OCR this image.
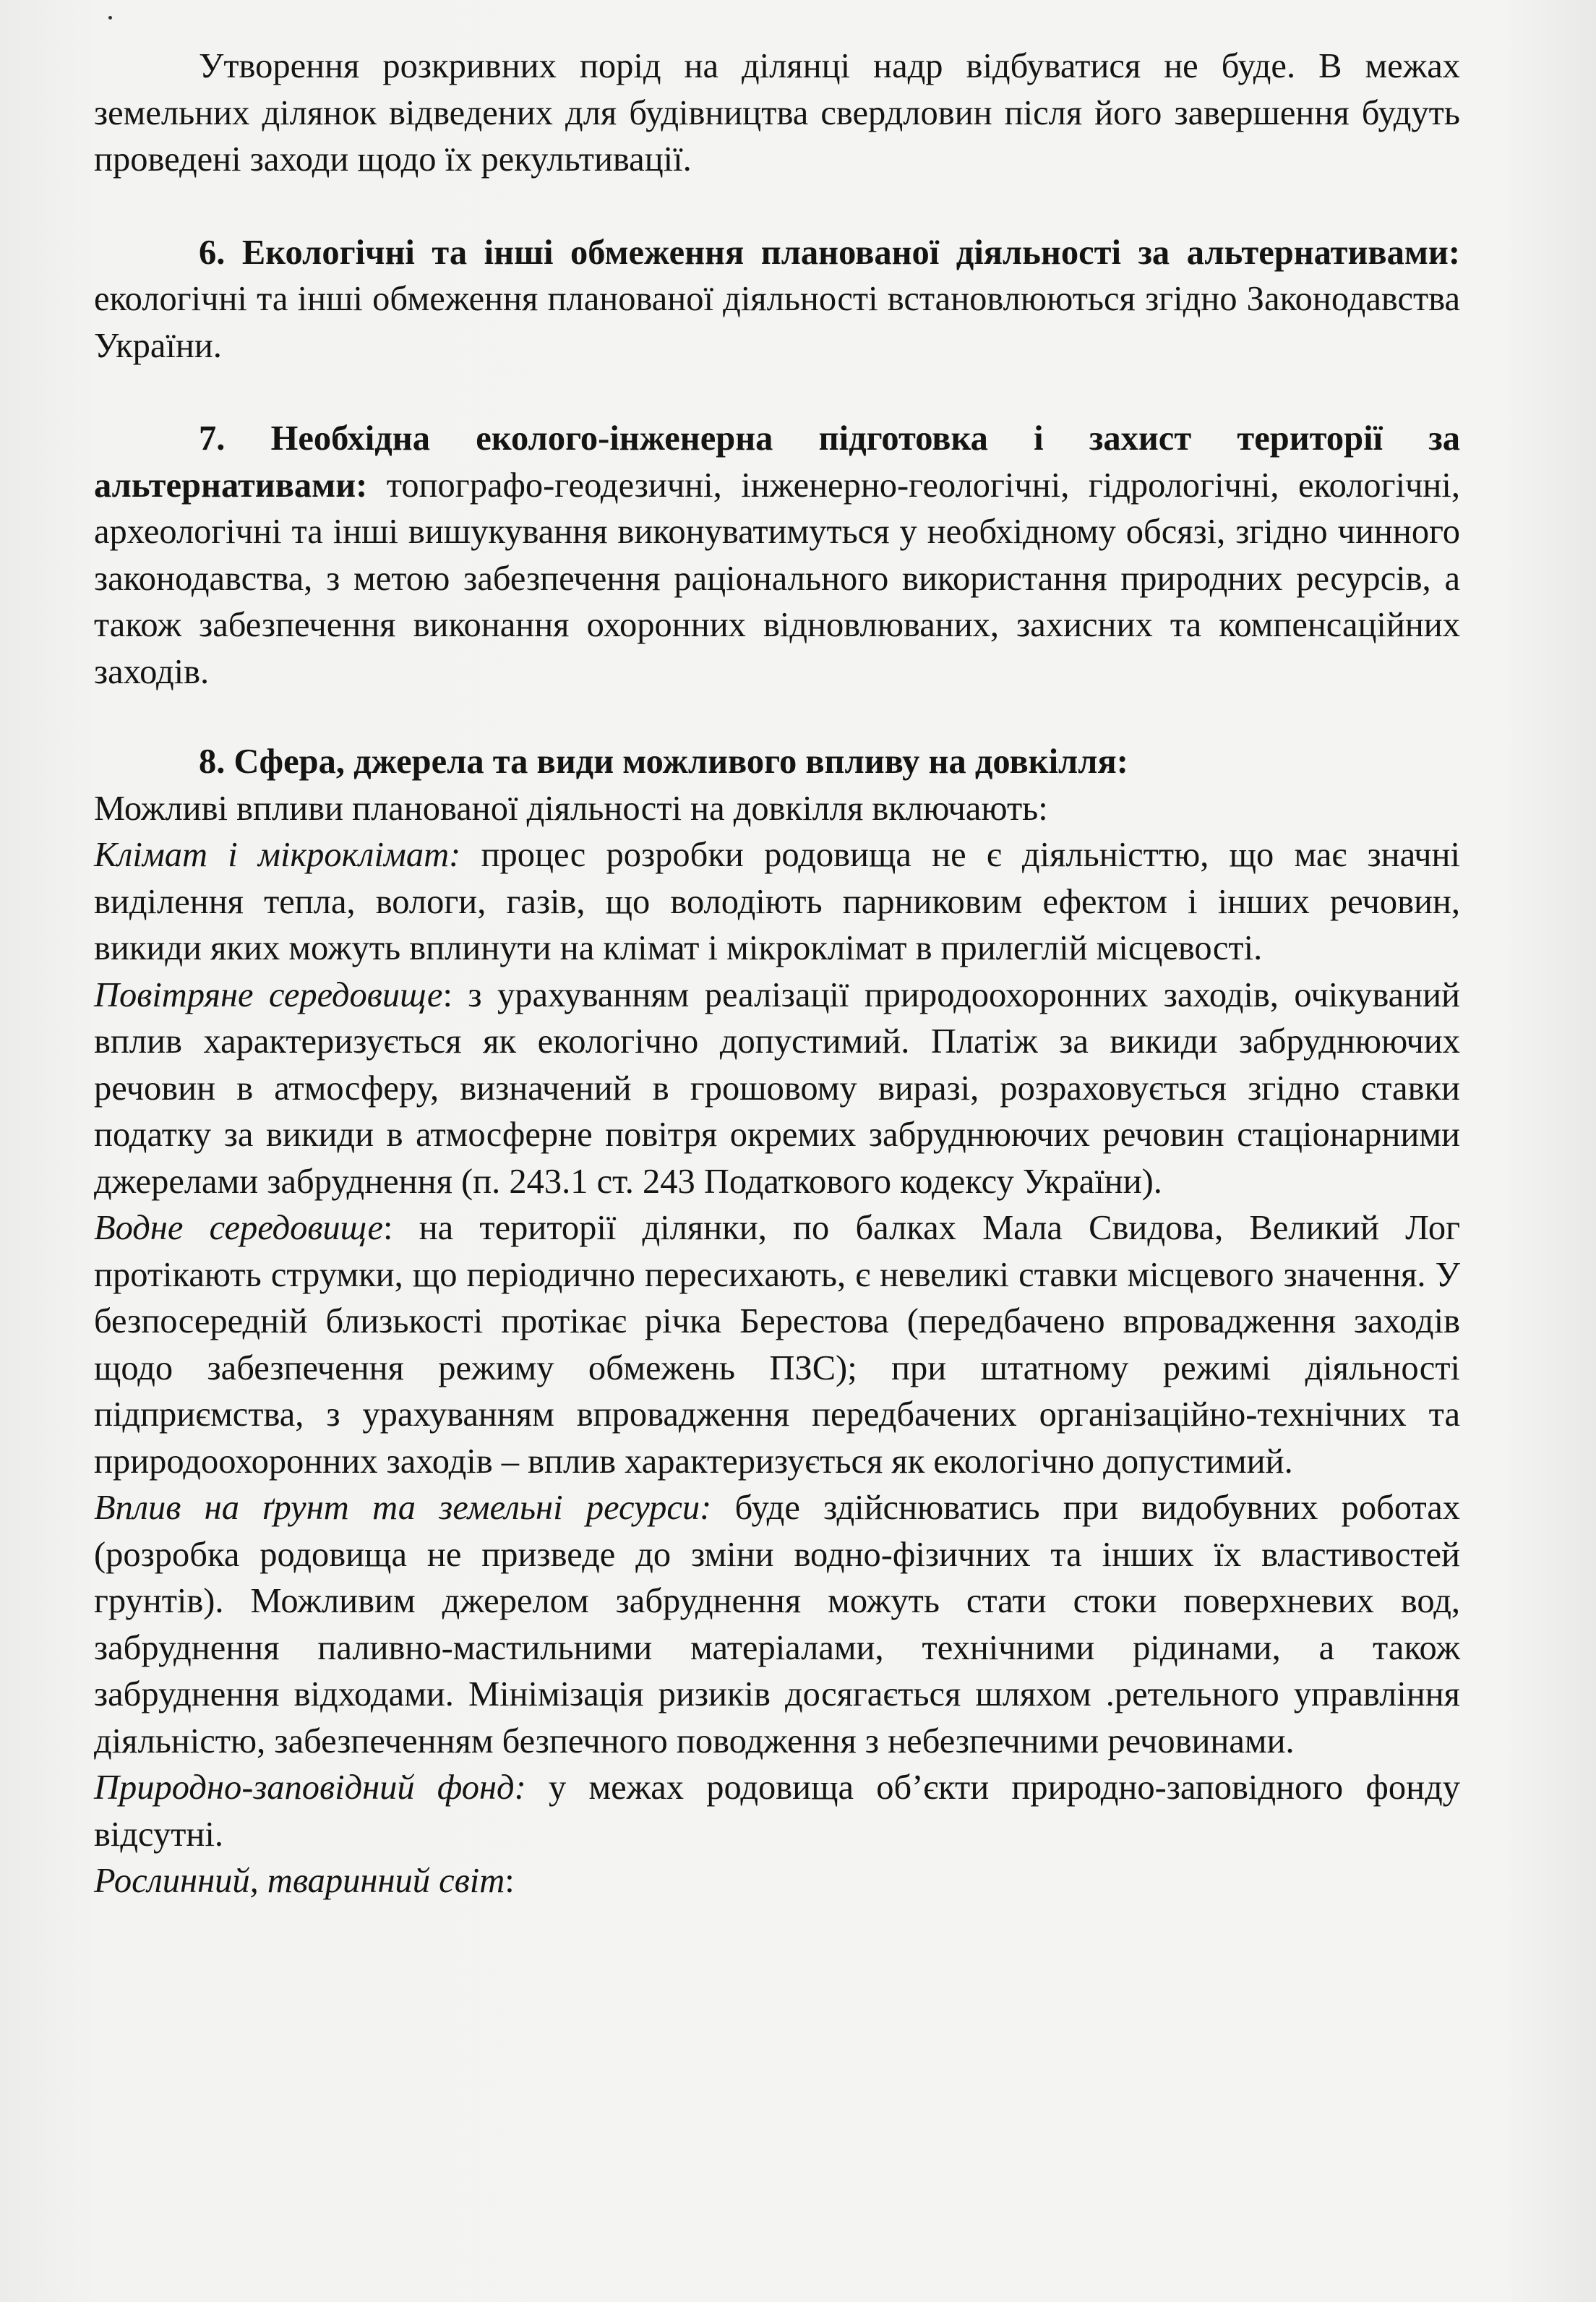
Утворення розкривних порід на ділянці надр відбуватися не буде. В межах земельних ділянок відведених для будівництва свердловин після його завершення будуть проведені заходи щодо їх рекультивації.

6. Екологічні та інші обмеження планованої діяльності за альтернативами: екологічні та інші обмеження планованої діяльності встановлюються згідно Законодавства України.

7. Необхідна еколого-інженерна підготовка і захист території за альтернативами: топографо-геодезичні, інженерно-геологічні, гідрологічні, екологічні, археологічні та інші вишукування виконуватимуться у необхідному обсязі, згідно чинного законодавства, з метою забезпечення раціонального використання природних ресурсів, а також забезпечення виконання охоронних відновлюваних, захисних та компенсаційних заходів.

8. Сфера, джерела та види можливого впливу на довкілля:

Можливі впливи планованої діяльності на довкілля включають:

Клімат і мікроклімат: процес розробки родовища не є діяльністтю, що має значні виділення тепла, вологи, газів, що володіють парниковим ефектом і інших речовин, викиди яких можуть вплинути на клімат і мікроклімат в прилеглій місцевості.

Повітряне середовище: з урахуванням реалізації природоохоронних заходів, очікуваний вплив характеризується як екологічно допустимий. Платіж за викиди забруднюючих речовин в атмосферу, визначений в грошовому виразі, розраховується згідно ставки податку за викиди в атмосферне повітря окремих забруднюючих речовин стаціонарними джерелами забруднення (п. 243.1 ст. 243 Податкового кодексу України).

Водне середовище: на території ділянки, по балках Мала Свидова, Великий Лог протікають струмки, що періодично пересихають, є невеликі ставки місцевого значення. У безпосередній близькості протікає річка Берестова (передбачено впровадження заходів щодо забезпечення режиму обмежень ПЗС); при штатному режимі діяльності підприємства, з урахуванням впровадження передбачених організаційно-технічних та природоохоронних заходів – вплив характеризується як екологічно допустимий.

Вплив на ґрунт та земельні ресурси: буде здійснюватись при видобувних роботах (розробка родовища не призведе до зміни водно-фізичних та інших їх властивостей грунтів). Можливим джерелом забруднення можуть стати стоки поверхневих вод, забруднення паливно-мастильними матеріалами, технічними рідинами, а також забруднення відходами. Мінімізація ризиків досягається шляхом .ретельного управління діяльністю, забезпеченням безпечного поводження з небезпечними речовинами.

Природно-заповідний фонд: у межах родовища об’єкти природно-заповідного фонду відсутні.

Рослинний, тваринний світ:
